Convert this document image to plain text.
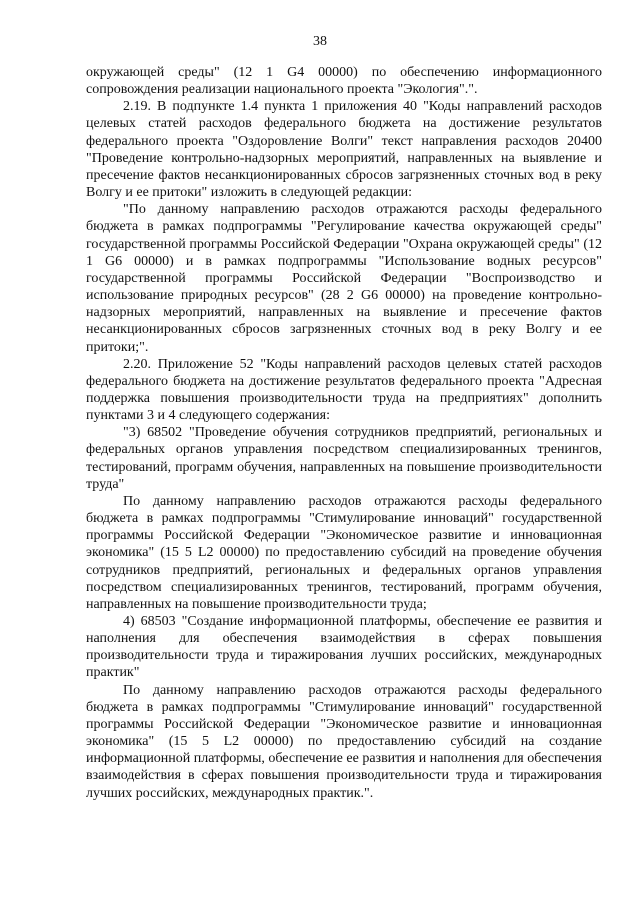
38

окружающей среды" (12 1 G4 00000) по обеспечению информационного сопровождения реализации национального проекта "Экология".".

2.19. В подпункте 1.4 пункта 1 приложения 40 "Коды направлений расходов целевых статей расходов федерального бюджета на достижение результатов федерального проекта "Оздоровление Волги" текст направления расходов 20400 "Проведение контрольно-надзорных мероприятий, направленных на выявление и пресечение фактов несанкционированных сбросов загрязненных сточных вод в реку Волгу и ее притоки" изложить в следующей редакции:

"По данному направлению расходов отражаются расходы федерального бюджета в рамках подпрограммы "Регулирование качества окружающей среды" государственной программы Российской Федерации "Охрана окружающей среды" (12 1 G6 00000) и в рамках подпрограммы "Использование водных ресурсов" государственной программы Российской Федерации "Воспроизводство и использование природных ресурсов" (28 2 G6 00000) на проведение контрольно-надзорных мероприятий, направленных на выявление и пресечение фактов несанкционированных сбросов загрязненных сточных вод в реку Волгу и ее притоки;".

2.20. Приложение 52 "Коды направлений расходов целевых статей расходов федерального бюджета на достижение результатов федерального проекта "Адресная поддержка повышения производительности труда на предприятиях" дополнить пунктами 3 и 4 следующего содержания:

"3) 68502 "Проведение обучения сотрудников предприятий, региональных и федеральных органов управления посредством специализированных тренингов, тестирований, программ обучения, направленных на повышение производительности труда"

По данному направлению расходов отражаются расходы федерального бюджета в рамках подпрограммы "Стимулирование инноваций" государственной программы Российской Федерации "Экономическое развитие и инновационная экономика" (15 5 L2 00000) по предоставлению субсидий на проведение обучения сотрудников предприятий, региональных и федеральных органов управления посредством специализированных тренингов, тестирований, программ обучения, направленных на повышение производительности труда;

4) 68503 "Создание информационной платформы, обеспечение ее развития и наполнения для обеспечения взаимодействия в сферах повышения производительности труда и тиражирования лучших российских, международных практик"

По данному направлению расходов отражаются расходы федерального бюджета в рамках подпрограммы "Стимулирование инноваций" государственной программы Российской Федерации "Экономическое развитие и инновационная экономика" (15 5 L2 00000) по предоставлению субсидий на создание информационной платформы, обеспечение ее развития и наполнения для обеспечения взаимодействия в сферах повышения производительности труда и тиражирования лучших российских, международных практик.".
